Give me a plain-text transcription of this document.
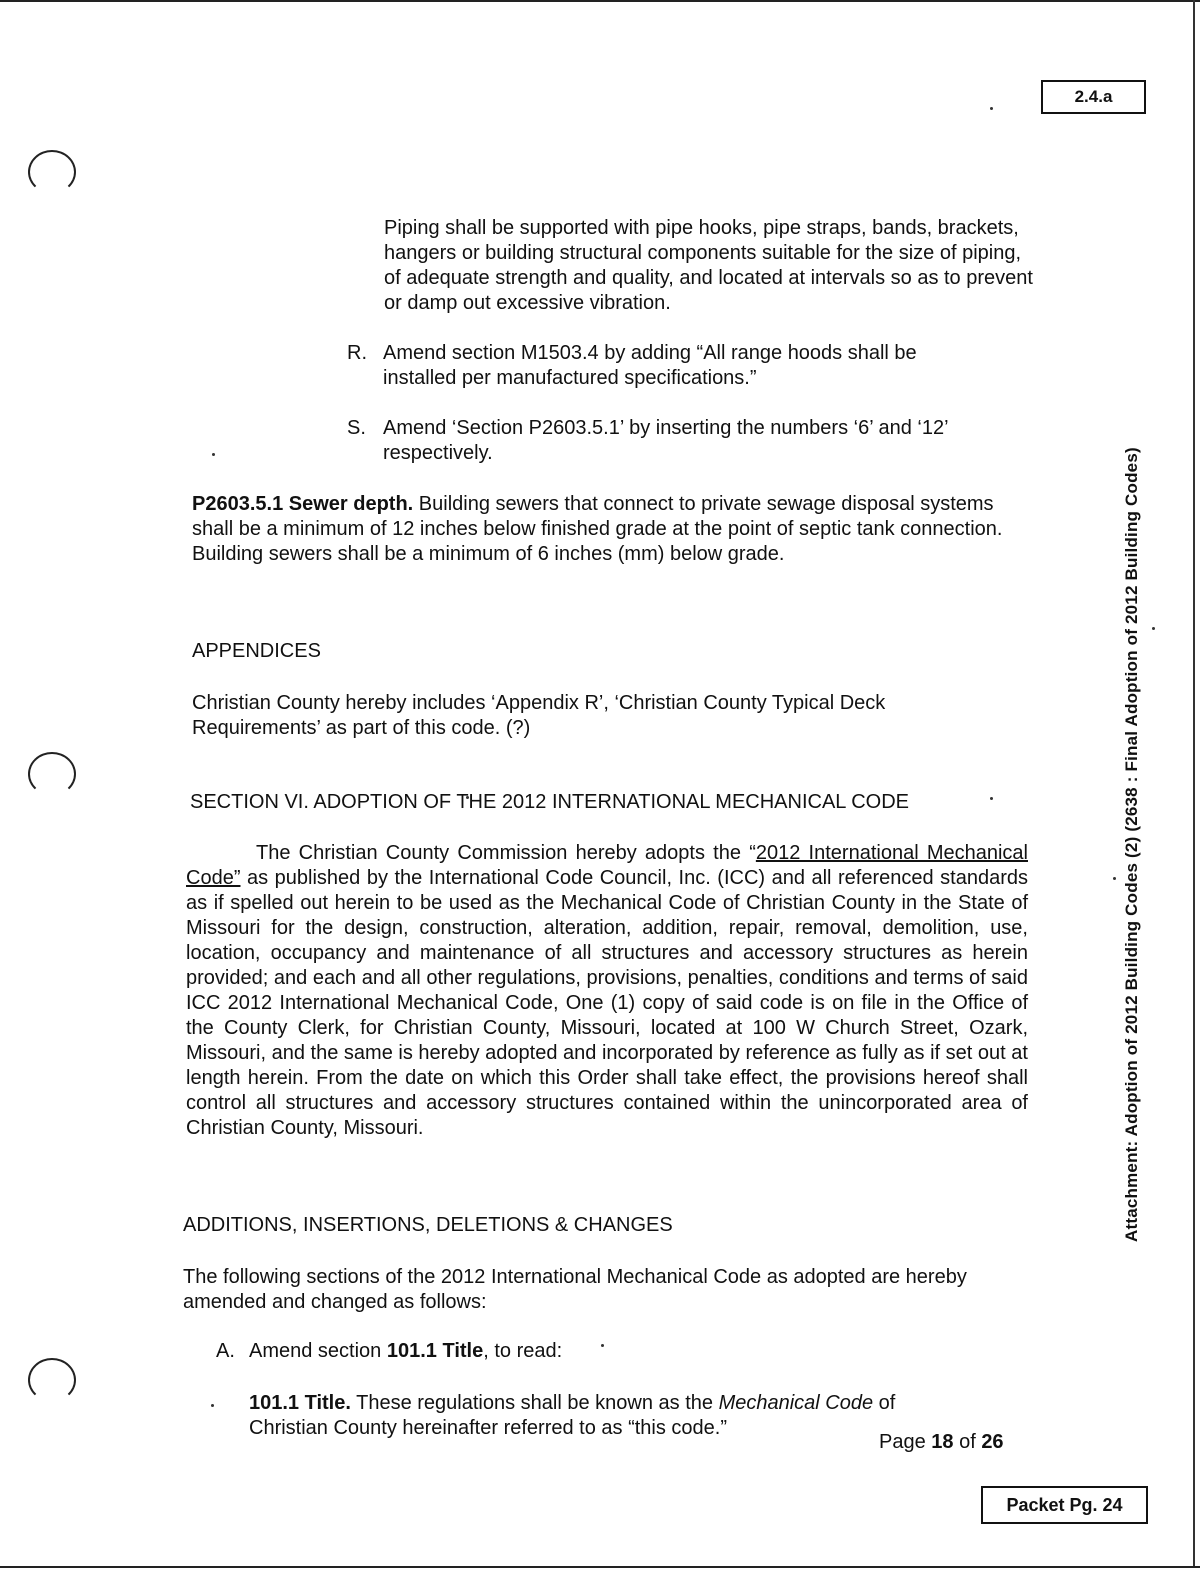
2.4.a
Attachment: Adoption of 2012 Building Codes (2) (2638 : Final Adoption of 2012 Building Codes)

Piping shall be supported with pipe hooks, pipe straps, bands, brackets, hangers or building structural components suitable for the size of piping, of adequate strength and quality, and located at intervals so as to prevent or damp out excessive vibration.

R. Amend section M1503.4 by adding “All range hoods shall be installed per manufactured specifications.”

S. Amend ‘Section P2603.5.1’ by inserting the numbers ‘6’ and ‘12’ respectively.

P2603.5.1 Sewer depth. Building sewers that connect to private sewage disposal systems shall be a minimum of 12 inches below finished grade at the point of septic tank connection. Building sewers shall be a minimum of 6 inches (mm) below grade.

APPENDICES

Christian County hereby includes ‘Appendix R’, ‘Christian County Typical Deck Requirements’ as part of this code. (?)

SECTION VI. ADOPTION OF THE 2012 INTERNATIONAL MECHANICAL CODE

The Christian County Commission hereby adopts the “2012 International Mechanical Code” as published by the International Code Council, Inc. (ICC) and all referenced standards as if spelled out herein to be used as the Mechanical Code of Christian County in the State of Missouri for the design, construction, alteration, addition, repair, removal, demolition, use, location, occupancy and maintenance of all structures and accessory structures as herein provided; and each and all other regulations, provisions, penalties, conditions and terms of said ICC 2012 International Mechanical Code, One (1) copy of said code is on file in the Office of the County Clerk, for Christian County, Missouri, located at 100 W Church Street, Ozark, Missouri, and the same is hereby adopted and incorporated by reference as fully as if set out at length herein. From the date on which this Order shall take effect, the provisions hereof shall control all structures and accessory structures contained within the unincorporated area of Christian County, Missouri.

ADDITIONS, INSERTIONS, DELETIONS & CHANGES

The following sections of the 2012 International Mechanical Code as adopted are hereby amended and changed as follows:

A. Amend section 101.1 Title, to read:

101.1 Title. These regulations shall be known as the Mechanical Code of Christian County hereinafter referred to as “this code.”

Page 18 of 26
Packet Pg. 24
